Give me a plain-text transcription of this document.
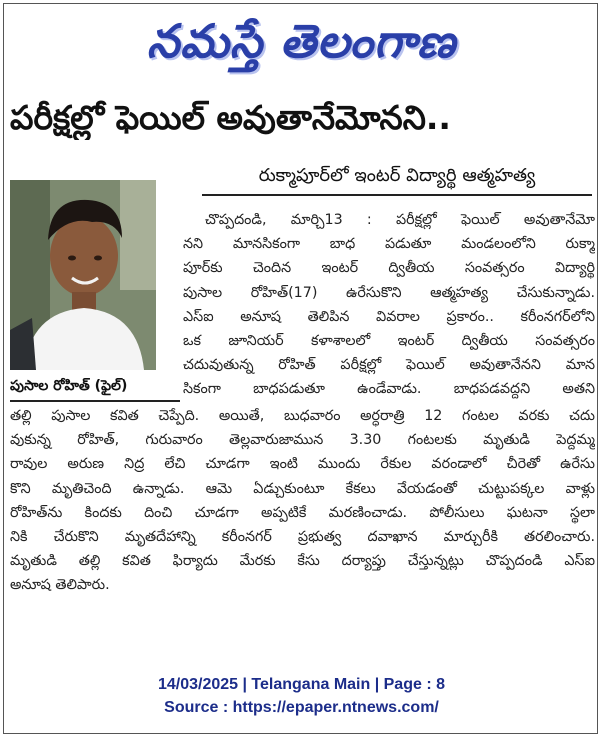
నమస్తే తెలంగాణ
పరీక్షల్లో ఫెయిల్ అవుతానేమోనని..
రుక్మాపూర్‌లో ఇంటర్ విద్యార్థి ఆత్మహత్య
పుసాల రోహిత్ (ఫైల్)
చొప్పదండి, మార్చి13 : పరీక్షల్లో ఫెయిల్ అవుతానేమో
నని మానసికంగా బాధ పడుతూ మండలంలోని రుక్మా
పూర్‌కు చెందిన ఇంటర్ ద్వితీయ సంవత్సరం విద్యార్థి
పుసాల రోహిత్(17) ఉరేసుకొని ఆత్మహత్య చేసుకున్నాడు.
ఎస్ఐ అనూష తెలిపిన వివరాల ప్రకారం.. కరీంనగర్‌లోని
ఒక జూనియర్ కళాశాలలో ఇంటర్ ద్వితీయ సంవత్సరం
చదువుతున్న రోహిత్ పరీక్షల్లో ఫెయిల్ అవుతానేనని మాన
సికంగా బాధపడుతూ ఉండేవాడు. బాధపడవద్దని అతని
తల్లి పుసాల కవిత చెప్పేది. అయితే, బుధవారం అర్ధరాత్రి 12 గంటల వరకు చదు
వుకున్న రోహిత్, గురువారం తెల్లవారుజామున 3.30 గంటలకు మృతుడి పెద్దమ్మ
రావుల అరుణ నిద్ర లేచి చూడగా ఇంటి ముందు రేకుల వరండాలో చీరెతో ఉరేసు
కొని మృతిచెంది ఉన్నాడు. ఆమె ఏడ్చుకుంటూ కేకలు వేయడంతో చుట్టుపక్కల వాళ్లు
రోహిత్‌ను కిందకు దించి చూడగా అప్పటికే మరణించాడు. పోలీసులు ఘటనా స్థలా
నికి చేరుకొని మృతదేహాన్ని కరీంనగర్ ప్రభుత్వ దవాఖాన మార్చురీకి తరలించారు.
మృతుడి తల్లి కవిత ఫిర్యాదు మేరకు కేసు దర్యాప్తు చేస్తున్నట్లు చొప్పదండి ఎస్ఐ
అనూష తెలిపారు.
14/03/2025 | Telangana Main | Page : 8
Source : https://epaper.ntnews.com/
